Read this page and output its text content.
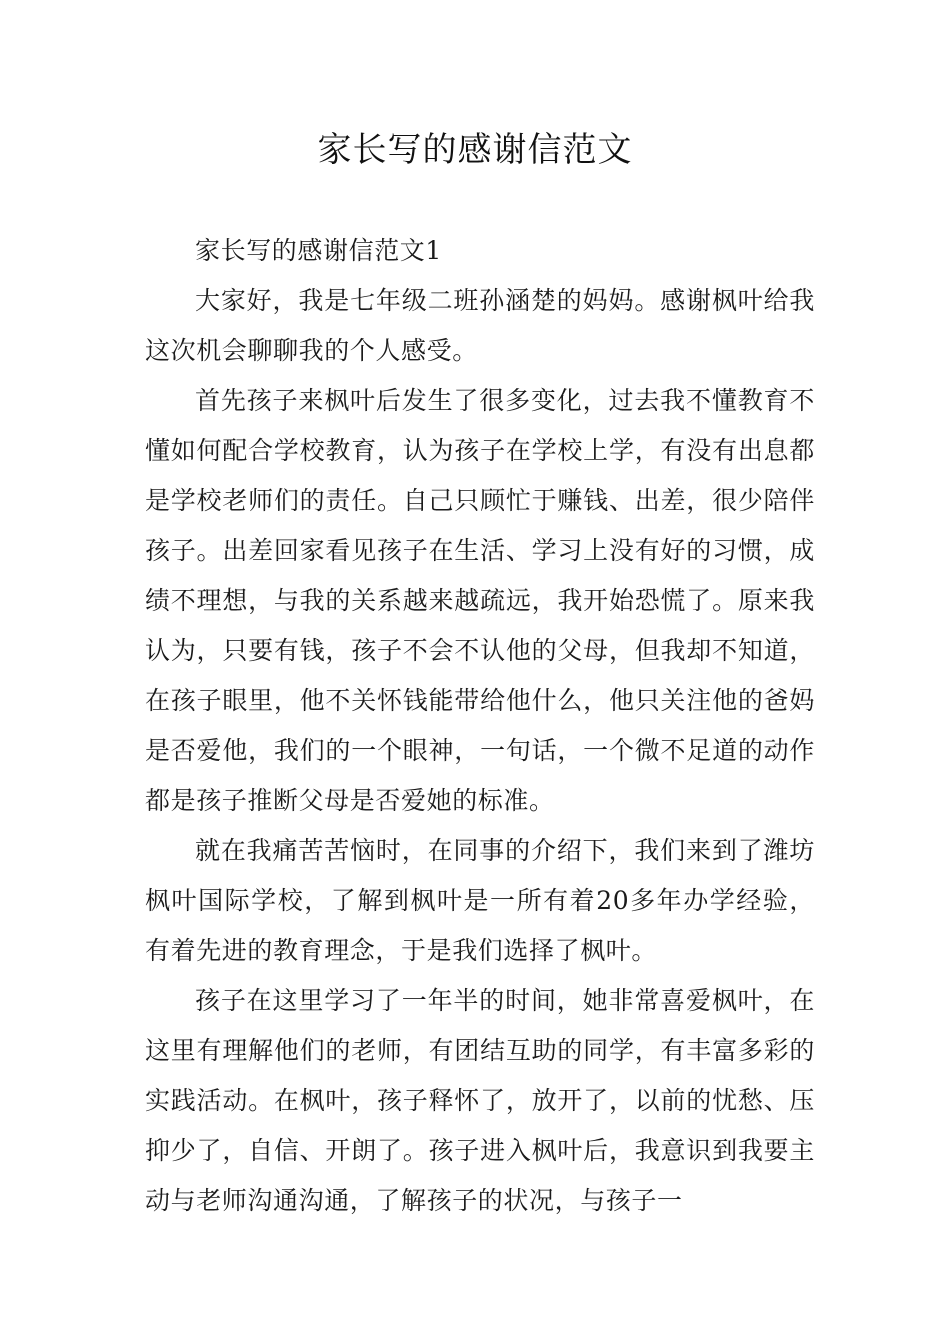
家长写的感谢信范文

家长写的感谢信范文1

大家好，我是七年级二班孙涵楚的妈妈。感谢枫叶给我这次机会聊聊我的个人感受。

首先孩子来枫叶后发生了很多变化，过去我不懂教育不懂如何配合学校教育，认为孩子在学校上学，有没有出息都是学校老师们的责任。自己只顾忙于赚钱、出差，很少陪伴孩子。出差回家看见孩子在生活、学习上没有好的习惯，成绩不理想，与我的关系越来越疏远，我开始恐慌了。原来我认为，只要有钱，孩子不会不认他的父母，但我却不知道，在孩子眼里，他不关怀钱能带给他什么，他只关注他的爸妈是否爱他，我们的一个眼神，一句话，一个微不足道的动作都是孩子推断父母是否爱她的标准。

就在我痛苦苦恼时，在同事的介绍下，我们来到了潍坊枫叶国际学校，了解到枫叶是一所有着20多年办学经验，有着先进的教育理念，于是我们选择了枫叶。

孩子在这里学习了一年半的时间，她非常喜爱枫叶，在这里有理解他们的老师，有团结互助的同学，有丰富多彩的实践活动。在枫叶，孩子释怀了，放开了，以前的忧愁、压抑少了，自信、开朗了。孩子进入枫叶后，我意识到我要主动与老师沟通沟通，了解孩子的状况，与孩子一
